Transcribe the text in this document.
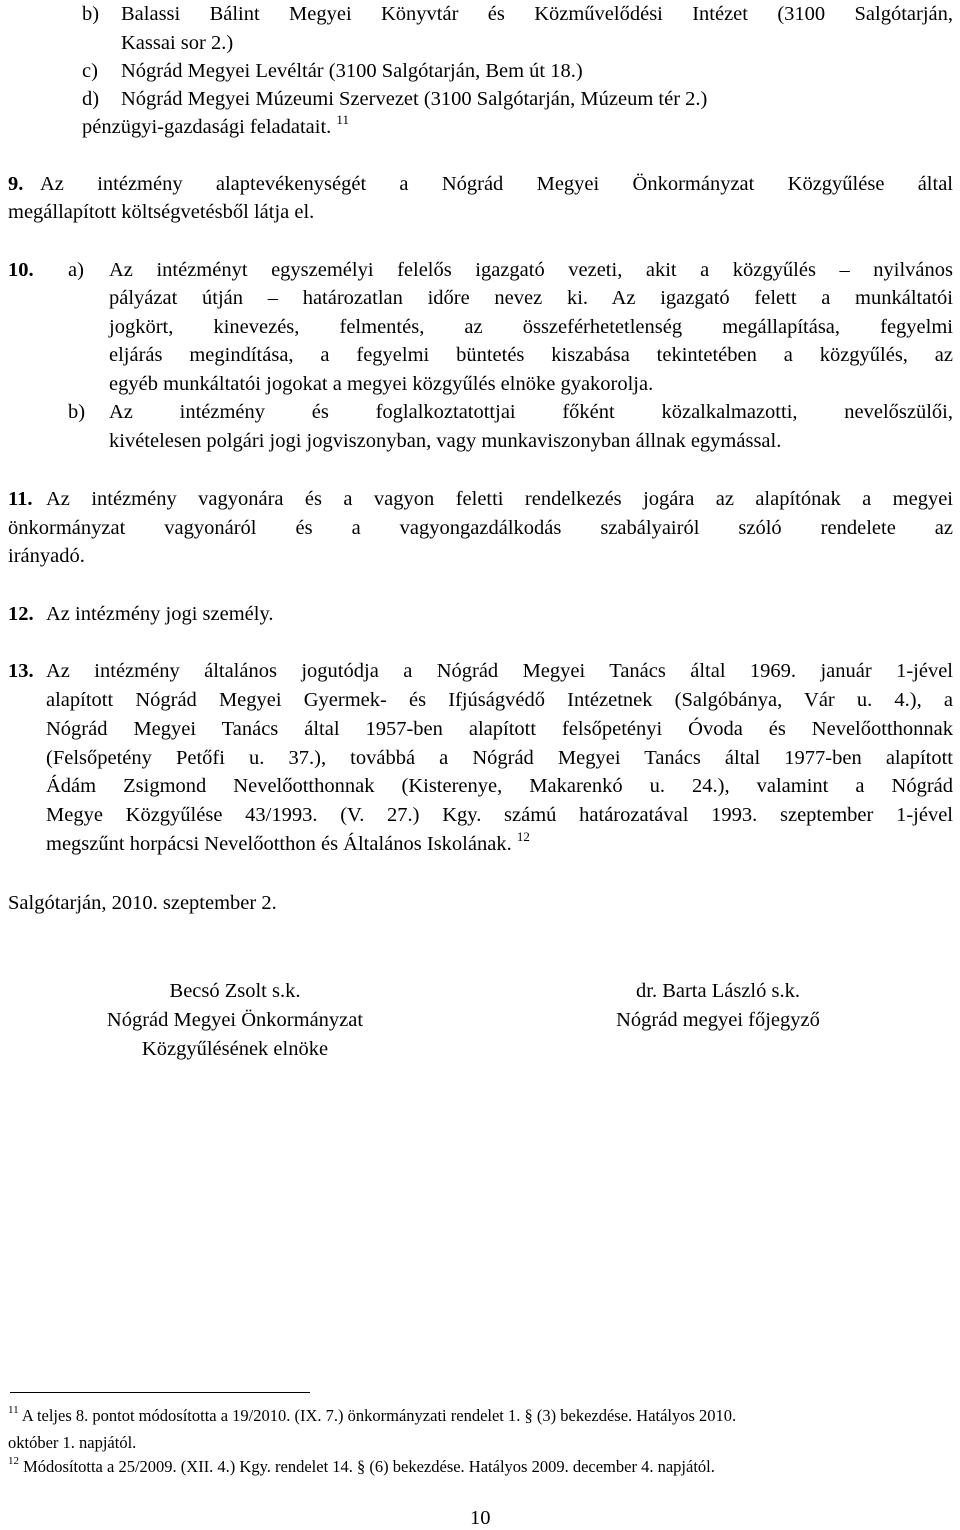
b) Balassi Bálint Megyei Könyvtár és Közművelődési Intézet (3100 Salgótarján,
Kassai sor 2.)
c) Nógrád Megyei Levéltár (3100 Salgótarján, Bem út 18.)
d) Nógrád Megyei Múzeumi Szervezet (3100 Salgótarján, Múzeum tér 2.)
pénzügyi-gazdasági feladatait. $^{11}$
9. Az intézmény alaptevékenységét a Nógrád Megyei Önkormányzat Közgyűlése által
megállapított költségvetésből látja el.
10. a) Az intézményt egyszemélyi felelős igazgató vezeti, akit a közgyűlés – nyilvános
pályázat útján – határozatlan időre nevez ki. Az igazgató felett a munkáltatói
jogkört, kinevezés, felmentés, az összeférhetetlenség megállapítása, fegyelmi
eljárás megindítása, a fegyelmi büntetés kiszabása tekintetében a közgyűlés, az
egyéb munkáltatói jogokat a megyei közgyűlés elnöke gyakorolja.
b) Az intézmény és foglalkoztatottjai főként közalkalmazotti, nevelőszülői,
kivételesen polgári jogi jogviszonyban, vagy munkaviszonyban állnak egymással.
11. Az intézmény vagyonára és a vagyon feletti rendelkezés jogára az alapítónak a megyei
önkormányzat vagyonáról és a vagyongazdálkodás szabályairól szóló rendelete az
irányadó.
12. Az intézmény jogi személy.
13. Az intézmény általános jogutódja a Nógrád Megyei Tanács által 1969. január 1-jével
alapított Nógrád Megyei Gyermek- és Ifjúságvédő Intézetnek (Salgóbánya, Vár u. 4.), a
Nógrád Megyei Tanács által 1957-ben alapított felsőpetényi Óvoda és Nevelőotthonnak
(Felsőpetény Petőfi u. 37.), továbbá a Nógrád Megyei Tanács által 1977-ben alapított
Ádám Zsigmond Nevelőotthonnak (Kisterenye, Makarenkó u. 24.), valamint a Nógrád
Megye Közgyűlése 43/1993. (V. 27.) Kgy. számú határozatával 1993. szeptember 1-jével
megszűnt horpácsi Nevelőotthon és Általános Iskolának. $^{12}$
Salgótarján, 2010. szeptember 2.
Becsó Zsolt s.k.
Nógrád Megyei Önkormányzat
Közgyűlésének elnöke
dr. Barta László s.k.
Nógrád megyei főjegyző
$^{11}$ A teljes 8. pontot módosította a 19/2010. (IX. 7.) önkormányzati rendelet 1. § (3) bekezdése. Hatályos 2010.
október 1. napjától.
$^{12}$ Módosította a 25/2009. (XII. 4.) Kgy. rendelet 14. § (6) bekezdése. Hatályos 2009. december 4. napjától.
10
